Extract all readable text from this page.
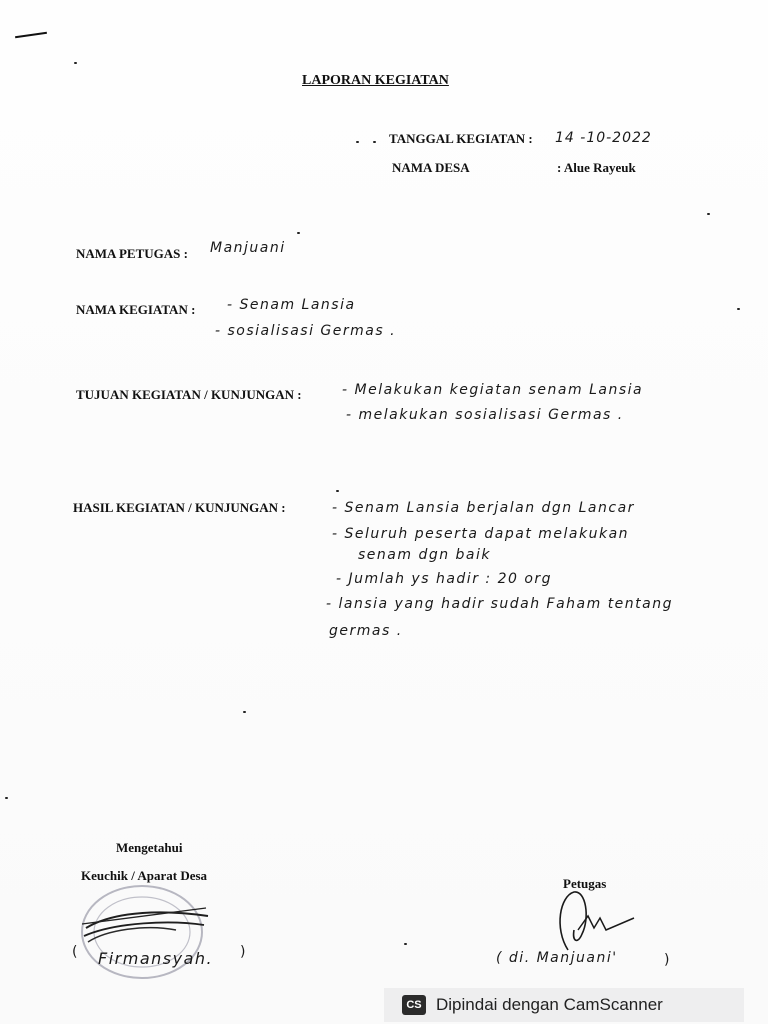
LAPORAN KEGIATAN
TANGGAL KEGIATAN : 14 -10-2022
NAMA DESA	: Alue Rayeuk
NAMA PETUGAS : Manjuani
NAMA KEGIATAN : - Senam Lansia
- sosialisasi Germas .
TUJUAN KEGIATAN / KUNJUNGAN :	- Melakukan kegiatan senam Lansia
- melakukan sosialisasi Germas .
HASIL KEGIATAN / KUNJUNGAN :	- Senam Lansia berjalan dgn Lancar
- Seluruh peserta dapat melakukan
senam dgn baik
- Jumlah ys hadir : 20 org
- lansia yang hadir sudah Faham tentang
germas .
Mengetahui
Keuchik / Aparat Desa
( Firmansyah. )
Petugas
( di. Manjuani'	)
CS Dipindai dengan CamScanner
